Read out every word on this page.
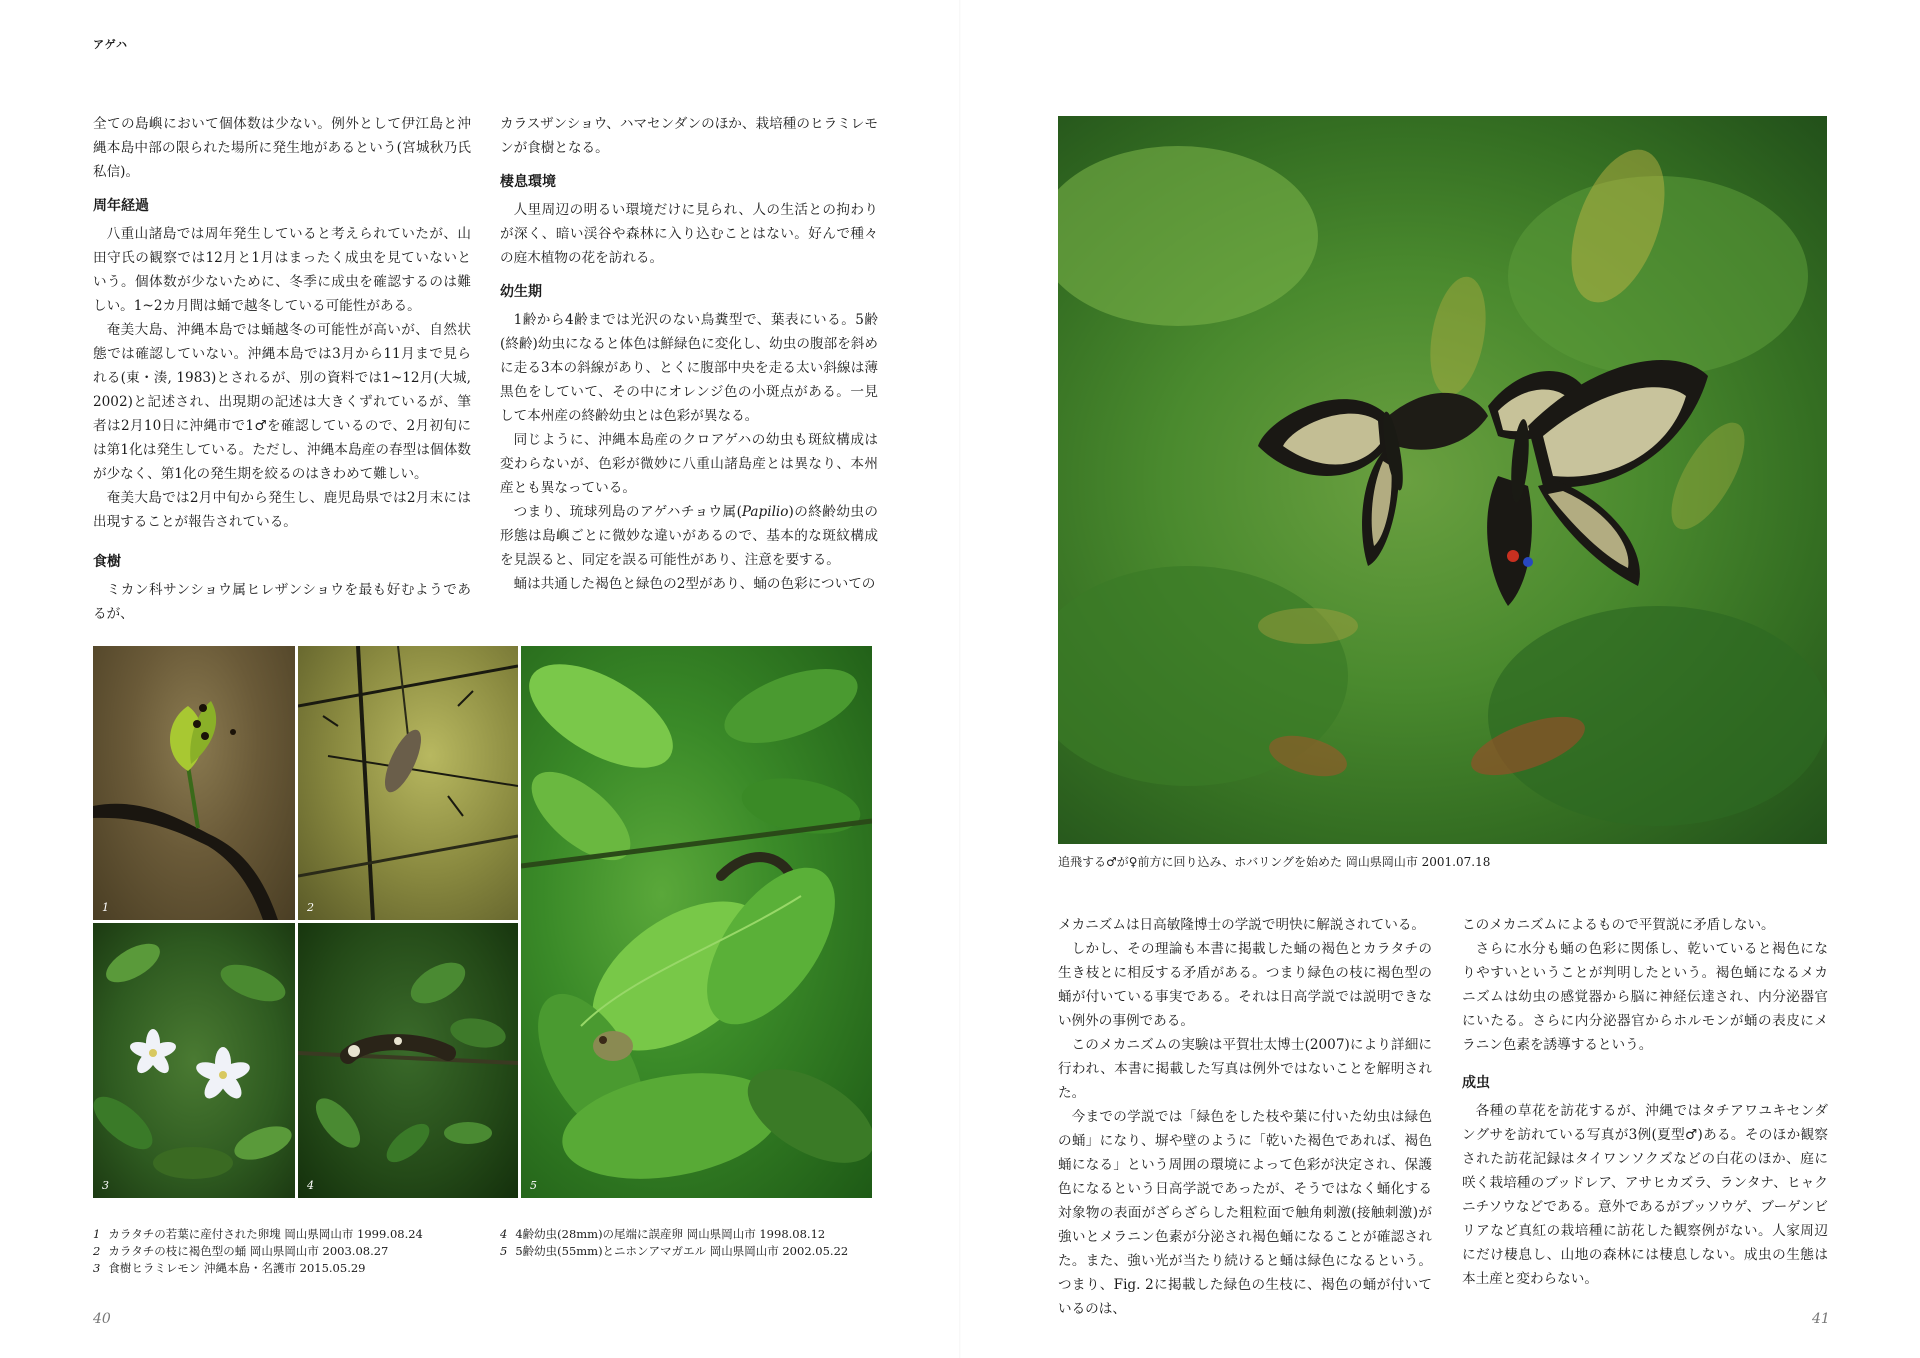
アゲハ

全ての島嶼において個体数は少ない。例外として伊江島と沖縄本島中部の限られた場所に発生地があるという(宮城秋乃氏私信)。

周年経過

八重山諸島では周年発生していると考えられていたが、山田守氏の観察では12月と1月はまったく成虫を見ていないという。個体数が少ないために、冬季に成虫を確認するのは難しい。1~2カ月間は蛹で越冬している可能性がある。

奄美大島、沖縄本島では蛹越冬の可能性が高いが、自然状態では確認していない。沖縄本島では3月から11月まで見られる(東・湊, 1983)とされるが、別の資料では1~12月(大城, 2002)と記述され、出現期の記述は大きくずれているが、筆者は2月10日に沖縄市で1♂を確認しているので、2月初旬には第1化は発生している。ただし、沖縄本島産の春型は個体数が少なく、第1化の発生期を絞るのはきわめて難しい。

奄美大島では2月中旬から発生し、鹿児島県では2月末には出現することが報告されている。

食樹

ミカン科サンショウ属ヒレザンショウを最も好むようであるが、

カラスザンショウ、ハマセンダンのほか、栽培種のヒラミレモンが食樹となる。

棲息環境

人里周辺の明るい環境だけに見られ、人の生活との拘わりが深く、暗い渓谷や森林に入り込むことはない。好んで種々の庭木植物の花を訪れる。

幼生期

1齢から4齢までは光沢のない鳥糞型で、葉表にいる。5齢(終齢)幼虫になると体色は鮮緑色に変化し、幼虫の腹部を斜めに走る3本の斜線があり、とくに腹部中央を走る太い斜線は薄黒色をしていて、その中にオレンジ色の小斑点がある。一見して本州産の終齢幼虫とは色彩が異なる。

同じように、沖縄本島産のクロアゲハの幼虫も斑紋構成は変わらないが、色彩が微妙に八重山諸島産とは異なり、本州産とも異なっている。

つまり、琉球列島のアゲハチョウ属(Papilio)の終齢幼虫の形態は島嶼ごとに微妙な違いがあるので、基本的な斑紋構成を見誤ると、同定を誤る可能性があり、注意を要する。

蛹は共通した褐色と緑色の2型があり、蛹の色彩についての

1	2
3	4	5
1 カラタチの若葉に産付された卵塊 岡山県岡山市 1999.08.24
2 カラタチの枝に褐色型の蛹 岡山県岡山市 2003.08.27
3 食樹ヒラミレモン 沖縄本島・名護市 2015.05.29
4 4齢幼虫(28mm)の尾端に誤産卵 岡山県岡山市 1998.08.12
5 5齢幼虫(55mm)とニホンアマガエル 岡山県岡山市 2002.05.22
40
追飛する♂が♀前方に回り込み、ホバリングを始めた 岡山県岡山市 2001.07.18

メカニズムは日高敏隆博士の学説で明快に解説されている。

しかし、その理論も本書に掲載した蛹の褐色とカラタチの生き枝とに相反する矛盾がある。つまり緑色の枝に褐色型の蛹が付いている事実である。それは日高学説では説明できない例外の事例である。

このメカニズムの実験は平賀壮太博士(2007)により詳細に行われ、本書に掲載した写真は例外ではないことを解明された。

今までの学説では「緑色をした枝や葉に付いた幼虫は緑色の蛹」になり、塀や壁のように「乾いた褐色であれば、褐色蛹になる」という周囲の環境によって色彩が決定され、保護色になるという日高学説であったが、そうではなく蛹化する対象物の表面がざらざらした粗粒面で触角刺激(接触刺激)が強いとメラニン色素が分泌され褐色蛹になることが確認された。また、強い光が当たり続けると蛹は緑色になるという。つまり、Fig. 2に掲載した緑色の生枝に、褐色の蛹が付いているのは、

このメカニズムによるもので平賀説に矛盾しない。

さらに水分も蛹の色彩に関係し、乾いていると褐色になりやすいということが判明したという。褐色蛹になるメカニズムは幼虫の感覚器から脳に神経伝達され、内分泌器官にいたる。さらに内分泌器官からホルモンが蛹の表皮にメラニン色素を誘導するという。

成虫

各種の草花を訪花するが、沖縄ではタチアワユキセンダングサを訪れている写真が3例(夏型♂)ある。そのほか観察された訪花記録はタイワンソクズなどの白花のほか、庭に咲く栽培種のブッドレア、アサヒカズラ、ランタナ、ヒャクニチソウなどである。意外であるがブッソウゲ、ブーゲンビリアなど真紅の栽培種に訪花した観察例がない。人家周辺にだけ棲息し、山地の森林には棲息しない。成虫の生態は本土産と変わらない。

41
